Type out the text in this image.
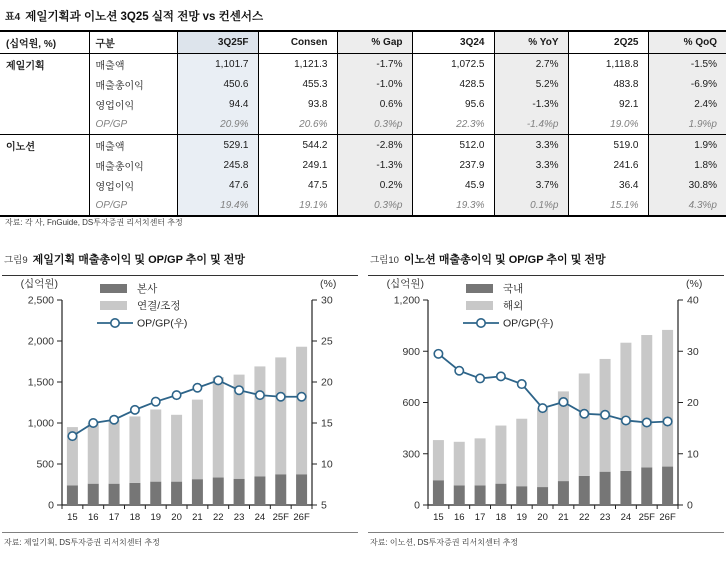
표4 제일기획과 이노션 3Q25 실적 전망 vs 컨센서스
(십억원, %)	구분	3Q25F	Consen	% Gap	3Q24	% YoY	2Q25	% QoQ
제일기획	매출액	1,101.7	1,121.3	-1.7%	1,072.5	2.7%	1,118.8	-1.5%
	매출총이익	450.6	455.3	-1.0%	428.5	5.2%	483.8	-6.9%
	영업이익	94.4	93.8	0.6%	95.6	-1.3%	92.1	2.4%
	OP/GP	20.9%	20.6%	0.3%p	22.3%	-1.4%p	19.0%	1.9%p
이노션	매출액	529.1	544.2	-2.8%	512.0	3.3%	519.0	1.9%
	매출총이익	245.8	249.1	-1.3%	237.9	3.3%	241.6	1.8%
	영업이익	47.6	47.5	0.2%	45.9	3.7%	36.4	30.8%
	OP/GP	19.4%	19.1%	0.3%p	19.3%	0.1%p	15.1%	4.3%p
자료: 각 사, FnGuide, DS투자증권 리서치센터 추정
그림9 제일기획 매출총이익 및 OP/GP 추이 및 전망
0
500
1,000
1,500
2,000
2,500
5
10
15
20
25
30
(십억원)	(%)
15 16 17 18 19 20 21 22 23 24 25F 26F
본사
연결/조정
OP/GP(우)
자료: 제일기획, DS투자증권 리서치센터 추정
그림10 이노션 매출총이익 및 OP/GP 추이 및 전망
0
300
600
900
1,200
0
10
20
30
40
(십억원)	(%)
15 16 17 18 19 20 21 22 23 24 25F 26F
국내
해외
OP/GP(우)
자료: 이노션, DS투자증권 리서치센터 추정
